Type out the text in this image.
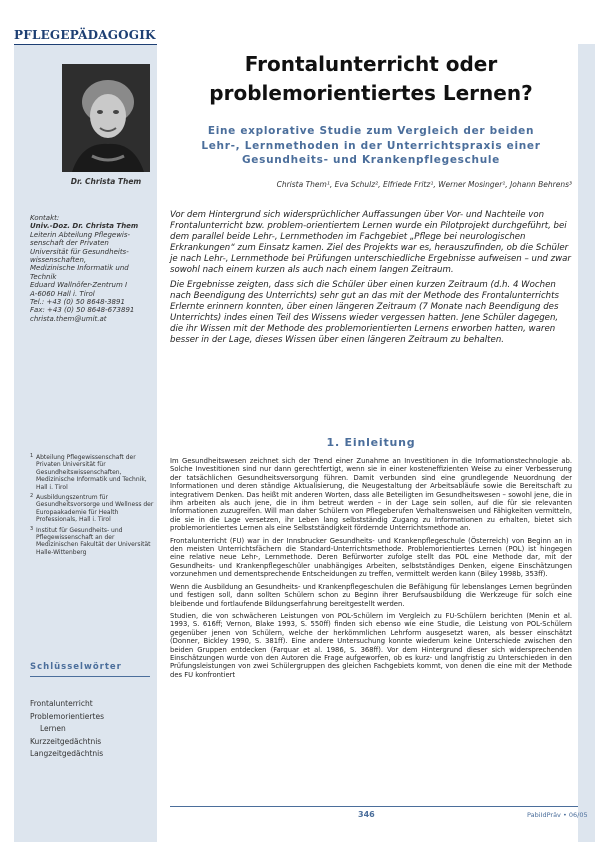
PFLEGEPÄDAGOGIK
Dr. Christa Them
Kontakt:
Univ.-Doz. Dr. Christa Them
Leiterin Abteilung Pflegewis-
senschaft der Privaten
Universität für Gesundheits-
wissenschaften,
Medizinische Informatik und
Technik
Eduard Wallnöfer-Zentrum I
A-6060 Hall i. Tirol
Tel.: +43 (0) 50 8648-3891
Fax: +43 (0) 50 8648-673891
christa.them@umit.at
1 Abteilung Pflegewissenschaft der Privaten Universität für Gesundheitswissenschaften, Medizinische Informatik und Technik, Hall i. Tirol
2 Ausbildungszentrum für Gesundheitsvorsorge und Wellness der Europaakademie für Health Professionals, Hall i. Tirol
3 Institut für Gesundheits- und Pflegewissenschaft an der Medizinischen Fakultät der Universität Halle-Wittenberg
Schlüsselwörter
Frontalunterricht
Problemorientiertes
Lernen
Kurzzeitgedächtnis
Langzeitgedächtnis
Frontalunterricht oder
problemorientiertes Lernen?
Eine explorative Studie zum Vergleich der beiden
Lehr-, Lernmethoden in der Unterrichtspraxis einer
Gesundheits- und Krankenpflegeschule
Christa Them¹, Eva Schulz², Elfriede Fritz¹, Werner Mosinger¹, Johann Behrens³

Vor dem Hintergrund sich widersprüchlicher Auffassungen über Vor- und Nachteile von Frontalunterricht bzw. problem-orientiertem Lernen wurde ein Pilotprojekt durchgeführt, bei dem parallel beide Lehr-, Lernmethoden im Fachgebiet „Pflege bei neurologischen Erkrankungen“ zum Einsatz kamen. Ziel des Projekts war es, herauszufinden, ob die Schüler je nach Lehr-, Lernmethode bei Prüfungen unterschiedliche Ergebnisse aufweisen – und zwar sowohl nach einem kurzen als auch nach einem langen Zeitraum.

Die Ergebnisse zeigten, dass sich die Schüler über einen kurzen Zeitraum (d.h. 4 Wochen nach Beendigung des Unterrichts) sehr gut an das mit der Methode des Frontalunterrichts Erlernte erinnern konnten, über einen längeren Zeitraum (7 Monate nach Beendigung des Unterrichts) indes einen Teil des Wissens wieder vergessen hatten. Jene Schüler dagegen, die ihr Wissen mit der Methode des problemorientierten Lernens erworben hatten, waren besser in der Lage, dieses Wissen über einen längeren Zeitraum zu behalten.

1. Einleitung

Im Gesundheitswesen zeichnet sich der Trend einer Zunahme an Investitionen in die Informationstechnologie ab. Solche Investitionen sind nur dann gerechtfertigt, wenn sie in einer kosteneffizienten Weise zu einer Verbesserung der tatsächlichen Gesundheitsversorgung führen. Damit verbunden sind eine grundlegende Neuordnung der Informationen und deren ständige Aktualisierung, die Neugestaltung der Arbeitsabläufe sowie die Bereitschaft zu integrativem Denken. Das heißt mit anderen Worten, dass alle Beteiligten im Gesundheitswesen – sowohl jene, die in ihm arbeiten als auch jene, die in ihm betreut werden – in der Lage sein sollen, auf die für sie relevanten Informationen zuzugreifen. Will man daher Schülern von Pflegeberufen Verhaltensweisen und Fähigkeiten vermitteln, die sie in die Lage versetzen, ihr Leben lang selbstständig Zugang zu Informationen zu erhalten, bietet sich problemorientiertes Lernen als eine Selbstständigkeit fördernde Unterrichtsmethode an.

Frontalunterricht (FU) war in der Innsbrucker Gesundheits- und Krankenpflegeschule (Österreich) von Beginn an in den meisten Unterrichtsfächern die Standard-Unterrichtsmethode. Problemorientiertes Lernen (POL) ist hingegen eine relative neue Lehr-, Lernmethode. Deren Befürworter zufolge stellt das POL eine Methode dar, mit der Gesundheits- und Krankenpflegeschüler unabhängiges Arbeiten, selbstständiges Denken, eigene Einschätzungen vorzunehmen und dementsprechende Entscheidungen zu treffen, vermittelt werden kann (Biley 1998b, 353ff).

Wenn die Ausbildung an Gesundheits- und Krankenpflegeschulen die Befähigung für lebenslanges Lernen begründen und festigen soll, dann sollten Schülern schon zu Beginn ihrer Berufsausbildung die Werkzeuge für solch eine bleibende und fortlaufende Bildungserfahrung bereitgestellt werden.

Studien, die von schwächeren Leistungen von POL-Schülern im Vergleich zu FU-Schülern berichten (Menin et al. 1993, S. 616ff; Vernon, Blake 1993, S. 550ff) finden sich ebenso wie eine Studie, die Leistung von POL-Schülern gegenüber jenen von Schülern, welche der herkömmlichen Lehrform ausgesetzt waren, als besser einschätzt (Donner, Bickley 1990, S. 381ff). Eine andere Untersuchung konnte wiederum keine Unterschiede zwischen den beiden Gruppen entdecken (Farquar et al. 1986, S. 368ff). Vor dem Hintergrund dieser sich widersprechenden Einschätzungen wurde von den Autoren die Frage aufgeworfen, ob es kurz- und langfristig zu Unterschieden in den Prüfungsleistungen von zwei Schülergruppen des gleichen Fachgebiets kommt, von denen die eine mit der Methode des FU konfrontiert

346	PabiIdPräv • 06/05
